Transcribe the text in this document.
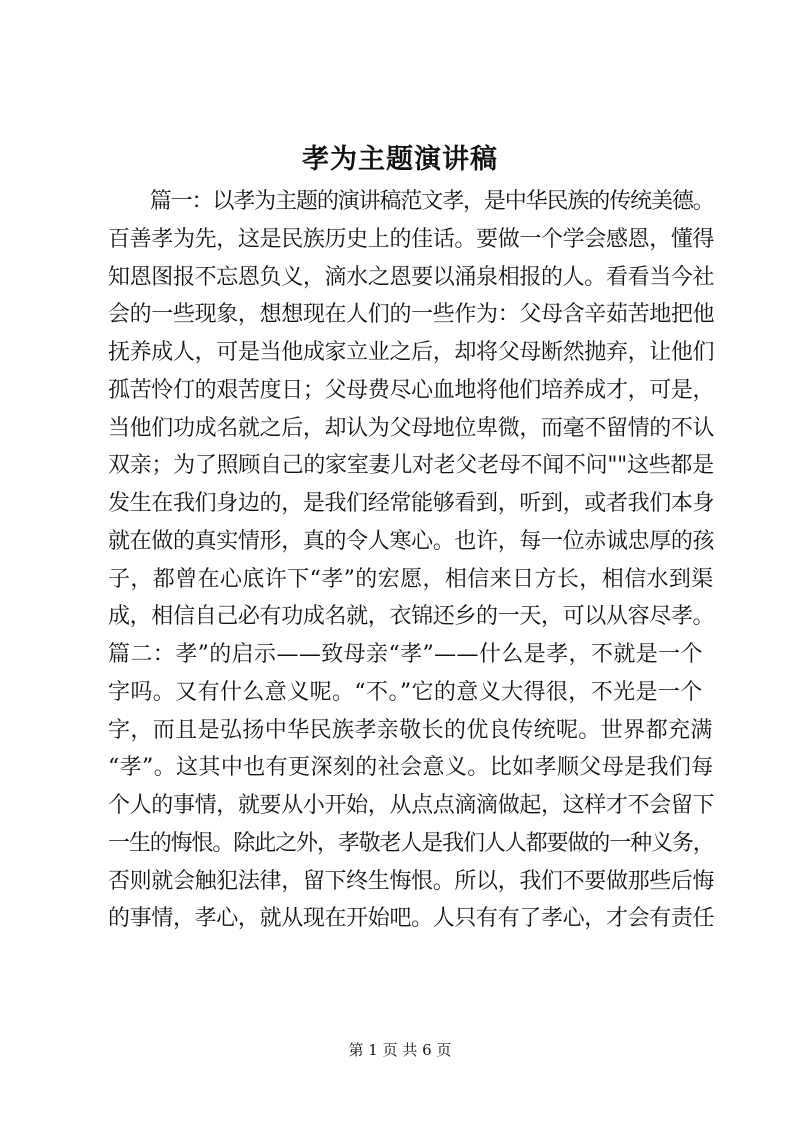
孝为主题演讲稿
　　篇一：以孝为主题的演讲稿范文孝，是中华民族的传统美德。
百善孝为先，这是民族历史上的佳话。要做一个学会感恩，懂得
知恩图报不忘恩负义，滴水之恩要以涌泉相报的人。看看当今社
会的一些现象，想想现在人们的一些作为：父母含辛茹苦地把他
抚养成人，可是当他成家立业之后，却将父母断然抛弃，让他们
孤苦怜仃的艰苦度日；父母费尽心血地将他们培养成才，可是，
当他们功成名就之后，却认为父母地位卑微，而毫不留情的不认
双亲；为了照顾自己的家室妻儿对老父老母不闻不问""这些都是
发生在我们身边的，是我们经常能够看到，听到，或者我们本身
就在做的真实情形，真的令人寒心。也许，每一位赤诚忠厚的孩
子，都曾在心底许下“孝”的宏愿，相信来日方长，相信水到渠
成，相信自己必有功成名就，衣锦还乡的一天，可以从容尽孝。
篇二：孝”的启示——致母亲“孝”——什么是孝，不就是一个
字吗。又有什么意义呢。“不。”它的意义大得很，不光是一个
字，而且是弘扬中华民族孝亲敬长的优良传统呢。世界都充满
“孝”。这其中也有更深刻的社会意义。比如孝顺父母是我们每
个人的事情，就要从小开始，从点点滴滴做起，这样才不会留下
一生的悔恨。除此之外，孝敬老人是我们人人都要做的一种义务，
否则就会触犯法律，留下终生悔恨。所以，我们不要做那些后悔
的事情，孝心，就从现在开始吧。人只有有了孝心，才会有责任
第 1 页 共 6 页
